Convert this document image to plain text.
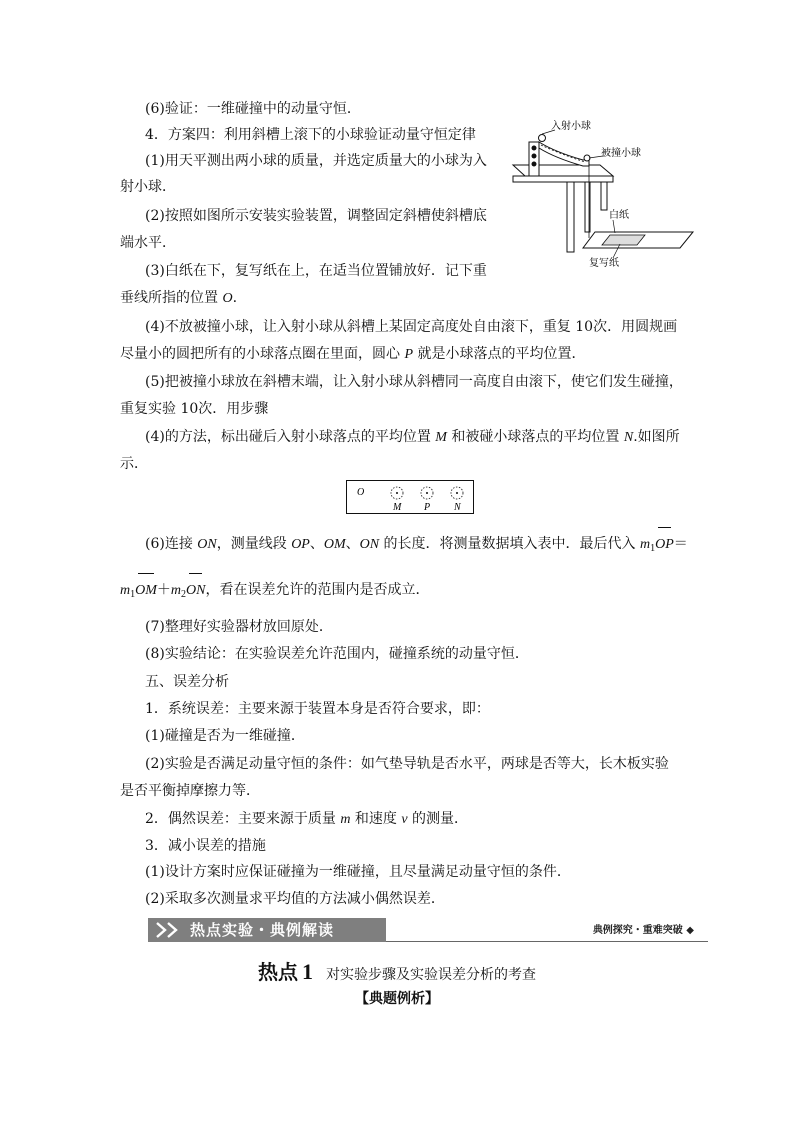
(6)验证：一维碰撞中的动量守恒．
4．方案四：利用斜槽上滚下的小球验证动量守恒定律
(1)用天平测出两小球的质量，并选定质量大的小球为入
射小球．
(2)按照如图所示安装实验装置，调整固定斜槽使斜槽底
端水平．
(3)白纸在下，复写纸在上，在适当位置铺放好．记下重
垂线所指的位置 O.
(4)不放被撞小球，让入射小球从斜槽上某固定高度处自由滚下，重复 10次．用圆规画
尽量小的圆把所有的小球落点圈在里面，圆心 P 就是小球落点的平均位置．
(5)把被撞小球放在斜槽末端，让入射小球从斜槽同一高度自由滚下，使它们发生碰撞，
重复实验 10次．用步骤
(4)的方法，标出碰后入射小球落点的平均位置 M 和被碰小球落点的平均位置 N.如图所
示．
(6)连接 ON，测量线段 OP、OM、ON 的长度．将测量数据填入表中．最后代入 $m_1OP=$
$m_1OM+m_2ON$，看在误差允许的范围内是否成立．
(7)整理好实验器材放回原处．
(8)实验结论：在实验误差允许范围内，碰撞系统的动量守恒．
五、误差分析
1．系统误差：主要来源于装置本身是否符合要求，即：
(1)碰撞是否为一维碰撞．
(2)实验是否满足动量守恒的条件：如气垫导轨是否水平，两球是否等大，长木板实验
是否平衡掉摩擦力等．
2．偶然误差：主要来源于质量 m 和速度 v 的测量．
3．减小误差的措施
(1)设计方案时应保证碰撞为一维碰撞，且尽量满足动量守恒的条件．
(2)采取多次测量求平均值的方法减小偶然误差．
入射小球
被撞小球
白纸
复写纸
O
M P N
热点实验・典例解读	典例探究・重难突破 ◆
热点 1 对实验步骤及实验误差分析的考查
【典题例析】
